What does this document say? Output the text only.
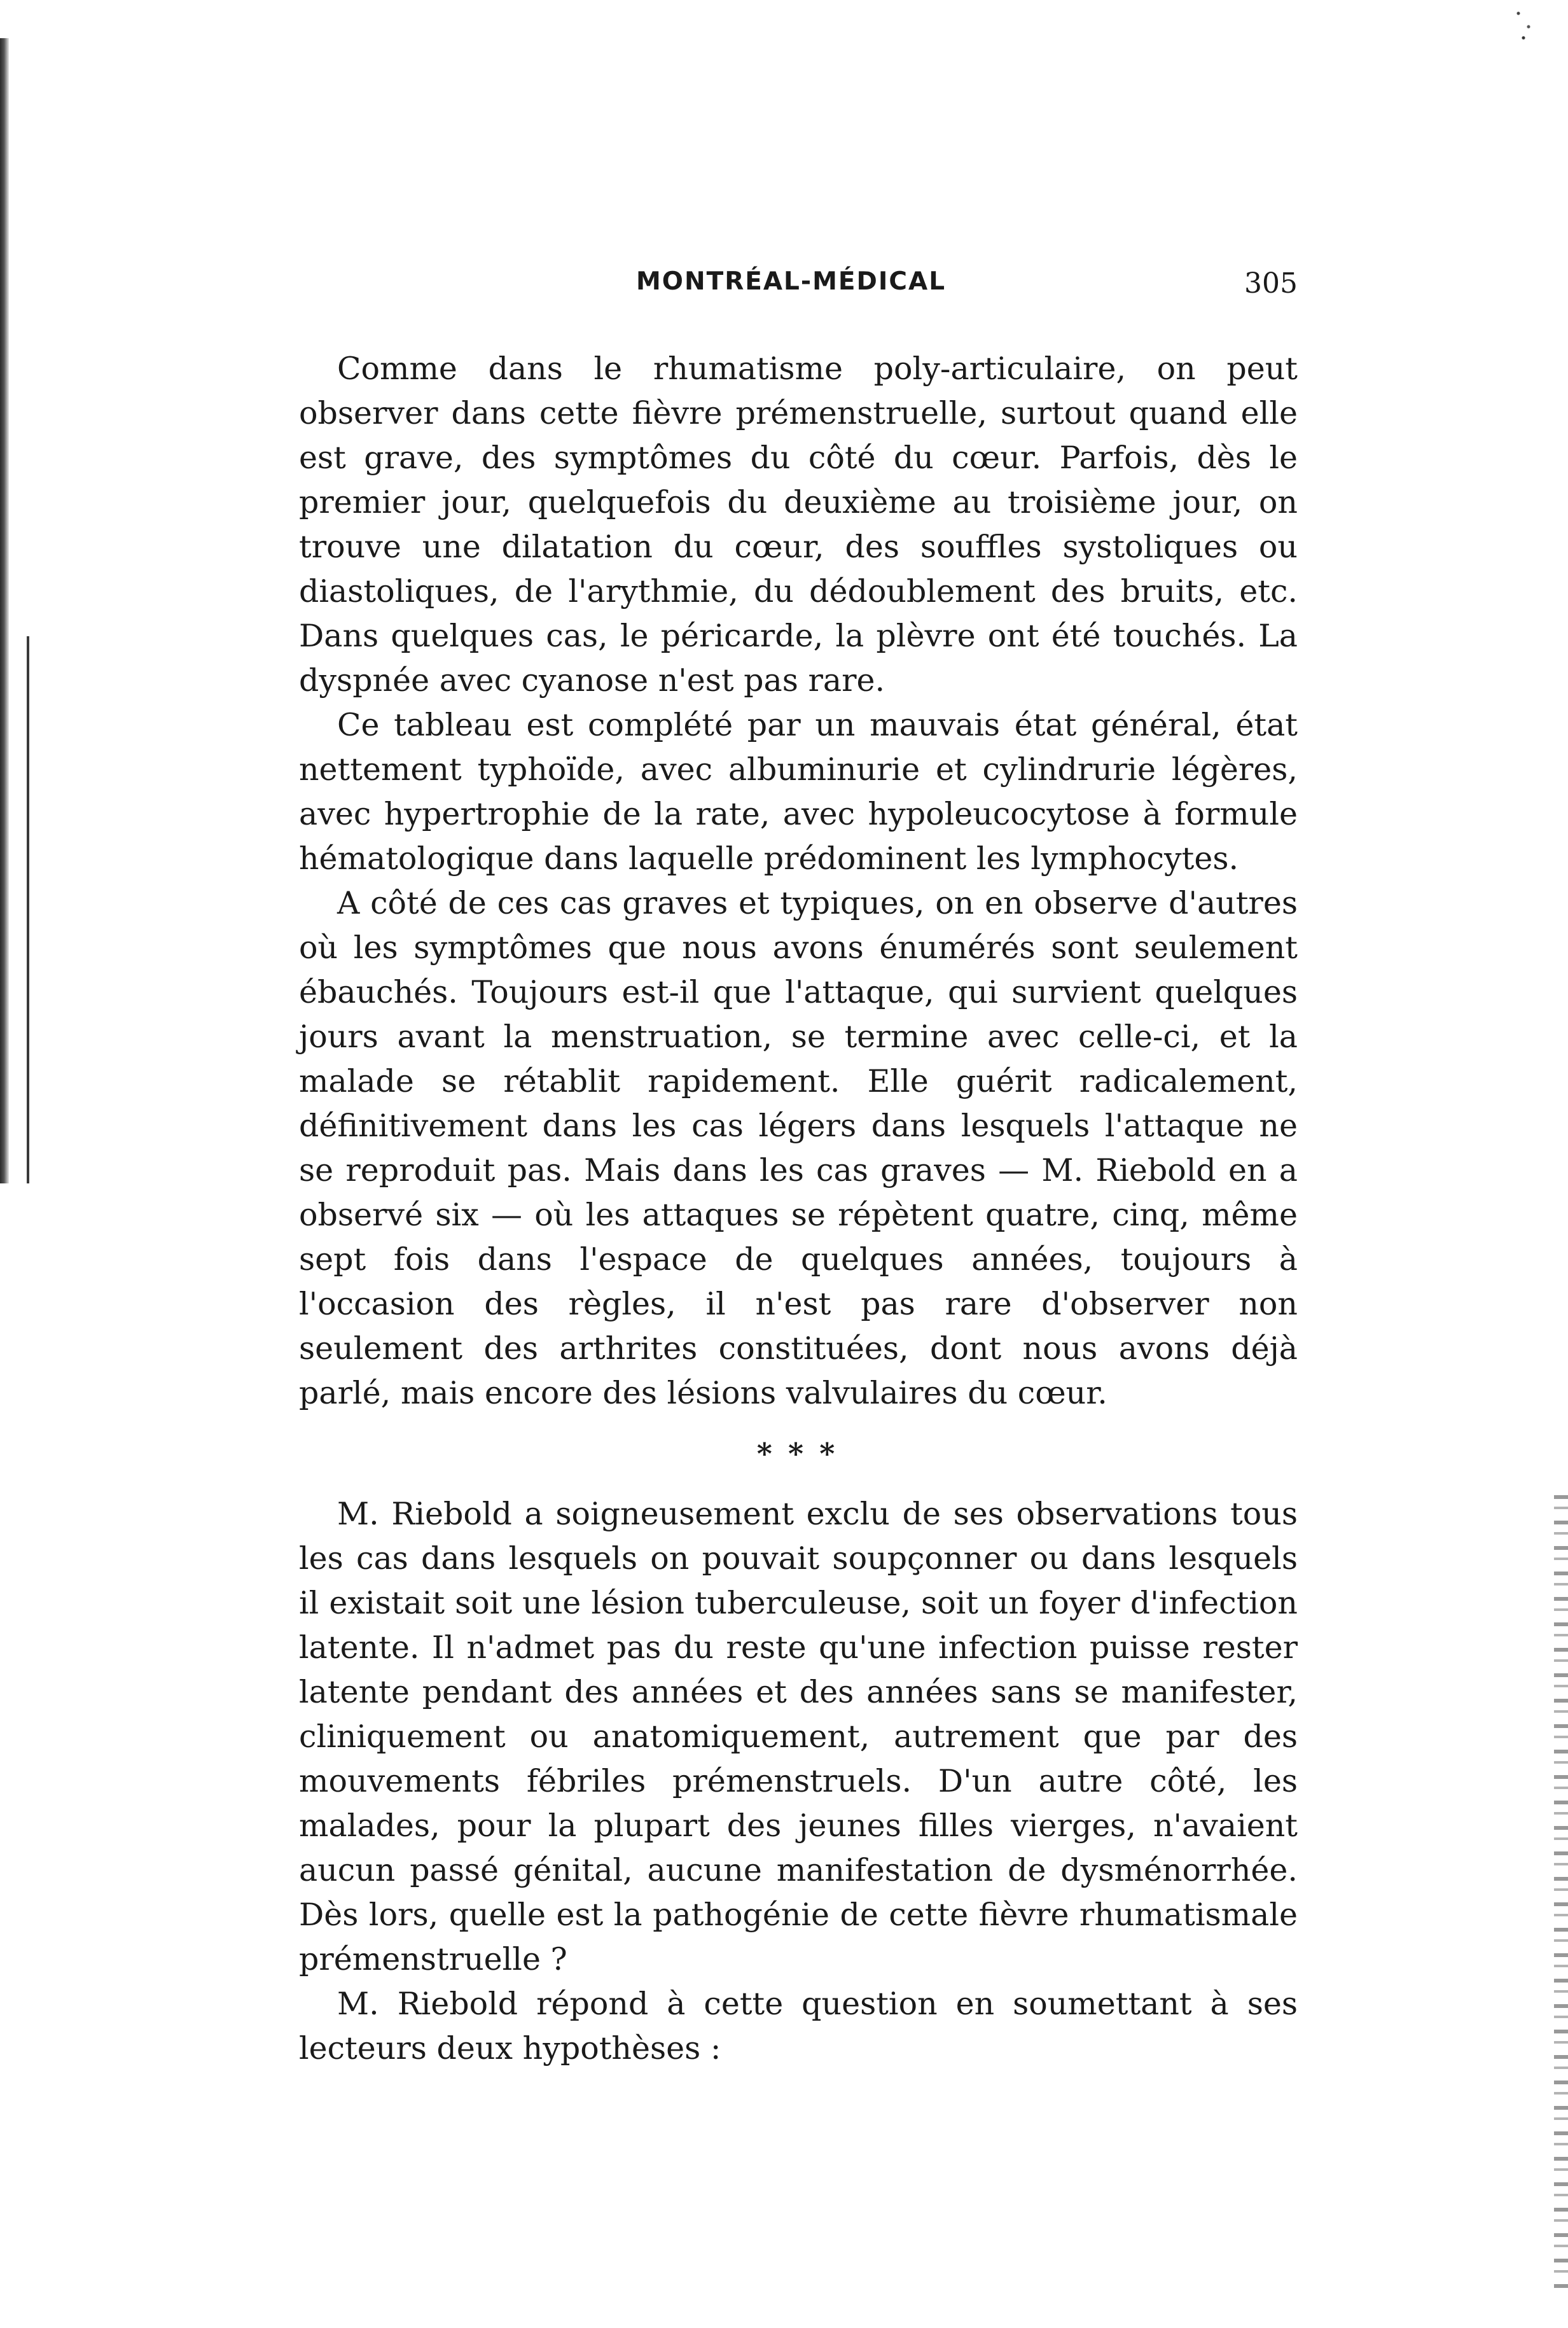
MONTRÉAL-MÉDICAL	305

Comme dans le rhumatisme poly-articulaire, on peut observer dans cette fièvre prémenstruelle, surtout quand elle est grave, des symptômes du côté du cœur. Parfois, dès le premier jour, quelquefois du deuxième au troisième jour, on trouve une dilatation du cœur, des souffles systoliques ou diastoliques, de l'arythmie, du dédoublement des bruits, etc. Dans quelques cas, le péricarde, la plèvre ont été touchés. La dyspnée avec cyanose n'est pas rare.

Ce tableau est complété par un mauvais état général, état nettement typhoïde, avec albuminurie et cylindrurie légères, avec hypertrophie de la rate, avec hypoleucocytose à formule hématologique dans laquelle prédominent les lymphocytes.

A côté de ces cas graves et typiques, on en observe d'autres où les symptômes que nous avons énumérés sont seulement ébauchés. Toujours est-il que l'attaque, qui survient quelques jours avant la menstruation, se termine avec celle-ci, et la malade se rétablit rapidement. Elle guérit radicalement, définitivement dans les cas légers dans lesquels l'attaque ne se reproduit pas. Mais dans les cas graves — M. Riebold en a observé six — où les attaques se répètent quatre, cinq, même sept fois dans l'espace de quelques années, toujours à l'occasion des règles, il n'est pas rare d'observer non seulement des arthrites constituées, dont nous avons déjà parlé, mais encore des lésions valvulaires du cœur.

* * *

M. Riebold a soigneusement exclu de ses observations tous les cas dans lesquels on pouvait soupçonner ou dans lesquels il existait soit une lésion tuberculeuse, soit un foyer d'infection latente. Il n'admet pas du reste qu'une infection puisse rester latente pendant des années et des années sans se manifester, cliniquement ou anatomiquement, autrement que par des mouvements fébriles prémenstruels. D'un autre côté, les malades, pour la plupart des jeunes filles vierges, n'avaient aucun passé génital, aucune manifestation de dysménorrhée. Dès lors, quelle est la pathogénie de cette fièvre rhumatismale prémenstruelle ?

M. Riebold répond à cette question en soumettant à ses lecteurs deux hypothèses :
